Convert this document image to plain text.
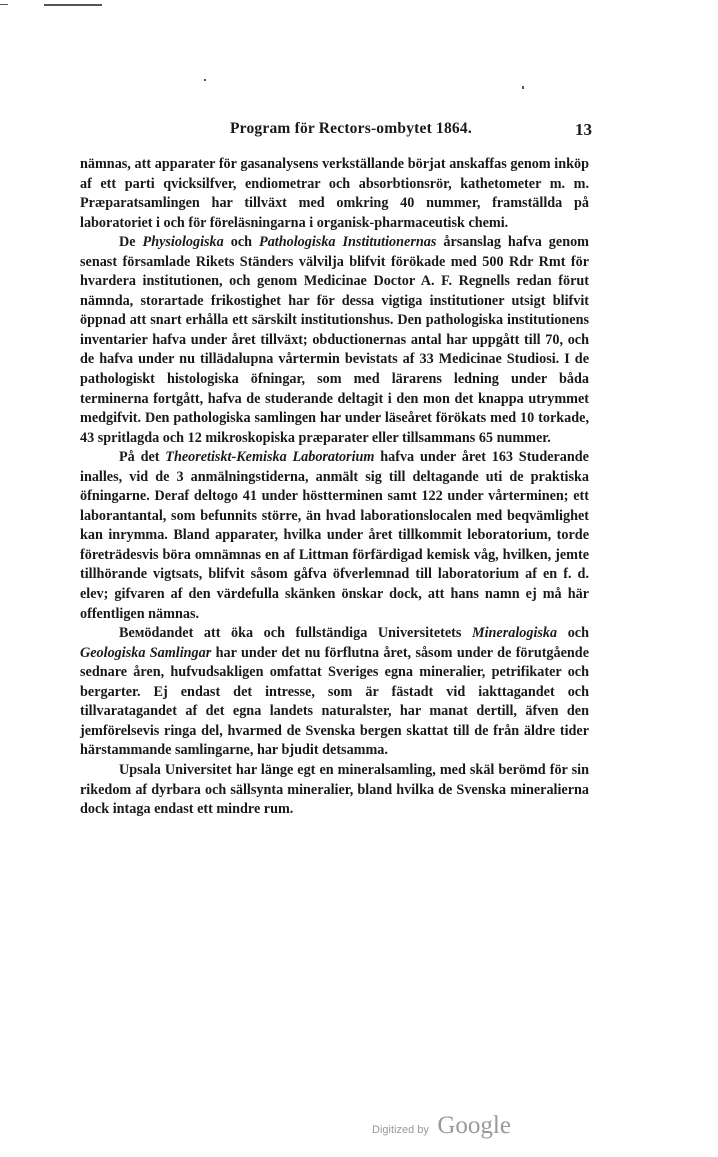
Program för Rectors-ombytet 1864.	13

nämnas, att apparater för gasanalysens verkställande börjat anskaffas genom inköp af ett parti qvicksilfver, endiometrar och absorbtionsrör, kathetometer m. m. Præparatsamlingen har tillväxt med omkring 40 nummer, framställda på laboratoriet i och för föreläsningarna i organisk-pharmaceutisk chemi.

De Physiologiska och Pathologiska Institutionernas årsanslag hafva genom senast församlade Rikets Ständers välvilja blifvit förökade med 500 Rdr Rmt för hvardera institutionen, och genom Medicinae Doctor A. F. Regnells redan förut nämnda, storartade frikostighet har för dessa vigtiga institutioner utsigt blifvit öppnad att snart erhålla ett särskilt institutionshus. Den pathologiska institutionens inventarier hafva under året tillväxt; obductionernas antal har uppgått till 70, och de hafva under nu tillädalupna vårtermin bevistats af 33 Medicinae Studiosi. I de pathologiskt histologiska öfningar, som med lärarens ledning under båda terminerna fortgått, hafva de studerande deltagit i den mon det knappa utrymmet medgifvit. Den pathologiska samlingen har under läseåret förökats med 10 torkade, 43 spritlagda och 12 mikroskopiska præparater eller tillsammans 65 nummer.

På det Theoretiskt-Kemiska Laboratorium hafva under året 163 Studerande inalles, vid de 3 anmälningstiderna, anmält sig till deltagande uti de praktiska öfningarne. Deraf deltogo 41 under höstterminen samt 122 under vårterminen; ett laborantantal, som befunnits större, än hvad laborationslocalen med beqvämlighet kan inrymma. Bland apparater, hvilka under året tillkommit leboratorium, torde företrädesvis böra omnämnas en af Littman förfärdigad kemisk våg, hvilken, jemte tillhörande vigtsats, blifvit såsom gåfva öfverlemnad till laboratorium af en f. d. elev; gifvaren af den värdefulla skänken önskar dock, att hans namn ej må här offentligen nämnas.

Beмödandet att öka och fullständiga Universitetets Mineralogiska och Geologiska Samlingar har under det nu förflutna året, såsom under de förutgående sednare åren, hufvudsakligen omfattat Sveriges egna mineralier, petrifikater och bergarter. Ej endast det intresse, som är fästadt vid iakttagandet och tillvaratagandet af det egna landets naturalster, har manat dertill, äfven den jemförelsevis ringa del, hvarmed de Svenska bergen skattat till de från äldre tider härstammande samlingarne, har bjudit detsamma.

Upsala Universitet har länge egt en mineralsamling, med skäl berömd för sin rikedom af dyrbara och sällsynta mineralier, bland hvilka de Svenska mineralierna dock intaga endast ett mindre rum.

Digitized by Google
